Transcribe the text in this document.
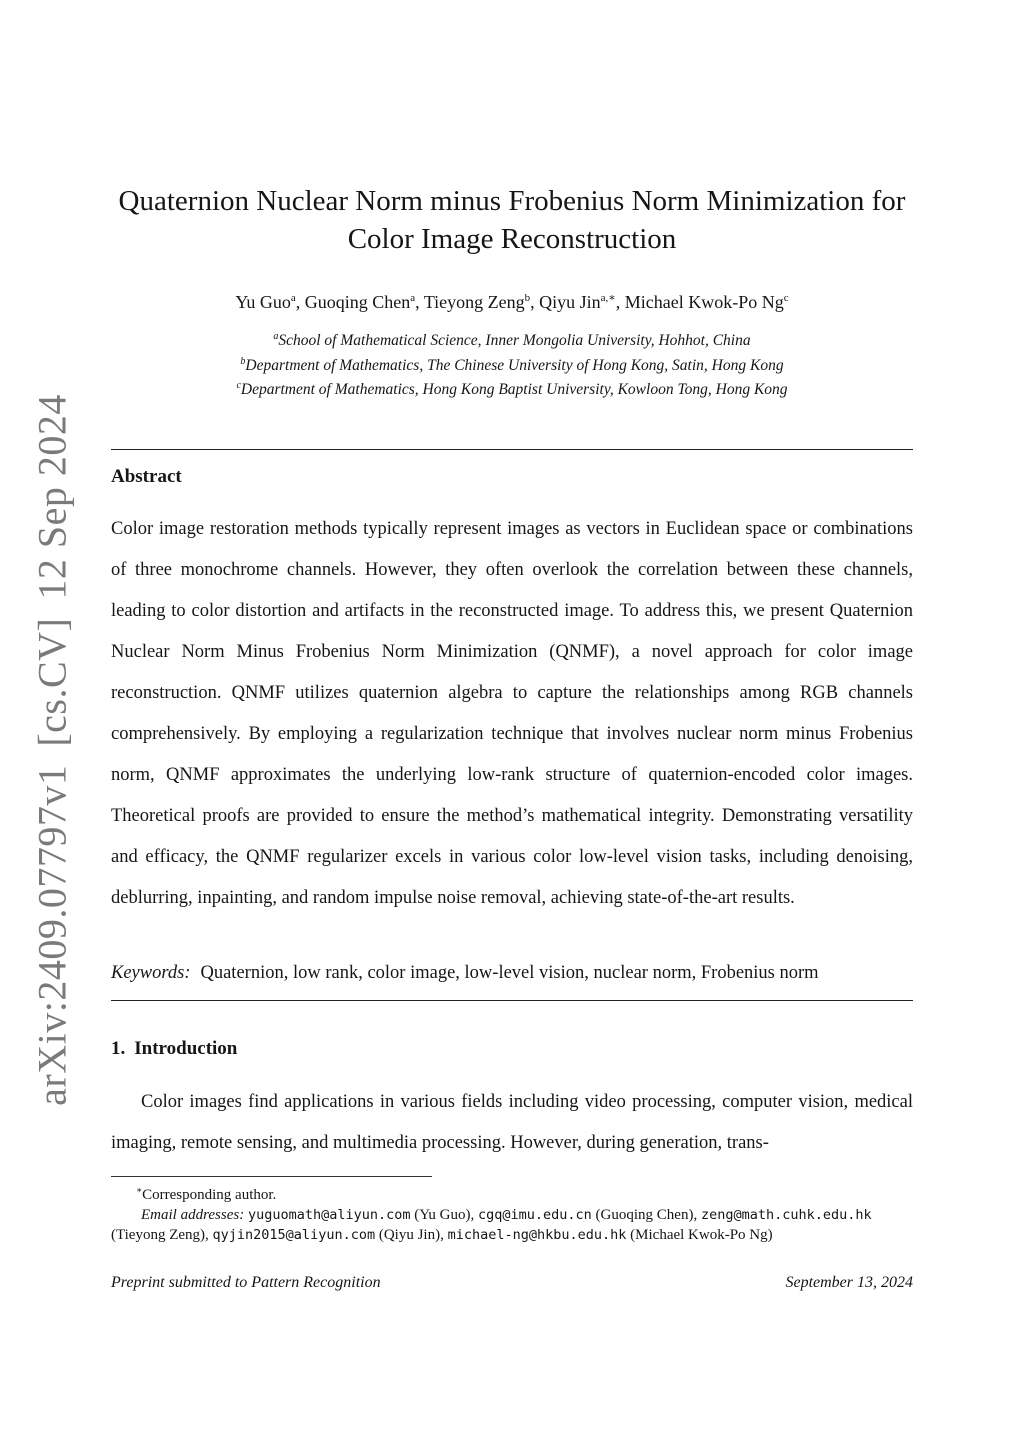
arXiv:2409.07797v1[cs.CV]12 Sep 2024
Quaternion Nuclear Norm minus Frobenius Norm Minimization for
Color Image Reconstruction
Yu Guo$^a$, Guoqing Chen$^a$, Tieyong Zeng$^b$, Qiyu Jin$^{a,∗}$, Michael Kwok-Po Ng$^c$
$^a$School of Mathematical Science, Inner Mongolia University, Hohhot, China
$^b$Department of Mathematics, The Chinese University of Hong Kong, Satin, Hong Kong
$^c$Department of Mathematics, Hong Kong Baptist University, Kowloon Tong, Hong Kong
Abstract
Color image restoration methods typically represent images as vectors in Euclidean space or combinations of three monochrome channels. However, they often overlook the correlation between these channels, leading to color distortion and artifacts in the reconstructed image. To address this, we present Quaternion Nuclear Norm Minus Frobenius Norm Minimization (QNMF), a novel approach for color image reconstruction. QNMF utilizes quaternion algebra to capture the relationships among RGB channels comprehensively. By employing a regularization technique that involves nuclear norm minus Frobenius norm, QNMF approximates the underlying low-rank structure of quaternion-encoded color images. Theoretical proofs are provided to ensure the method’s mathematical integrity. Demonstrating versatility and efficacy, the QNMF regularizer excels in various color low-level vision tasks, including denoising, deblurring, inpainting, and random impulse noise removal, achieving state-of-the-art results.
Keywords: Quaternion, low rank, color image, low-level vision, nuclear norm, Frobenius norm
1. Introduction
Color images find applications in various fields including video processing, computer vision, medical imaging, remote sensing, and multimedia processing. However, during generation, trans-
∗Corresponding author.
Email addresses: yuguomath@aliyun.com (Yu Guo), cgq@imu.edu.cn (Guoqing Chen), zeng@math.cuhk.edu.hk (Tieyong Zeng), qyjin2015@aliyun.com (Qiyu Jin), michael-ng@hkbu.edu.hk (Michael Kwok-Po Ng)
Preprint submitted to Pattern Recognition	September 13, 2024
